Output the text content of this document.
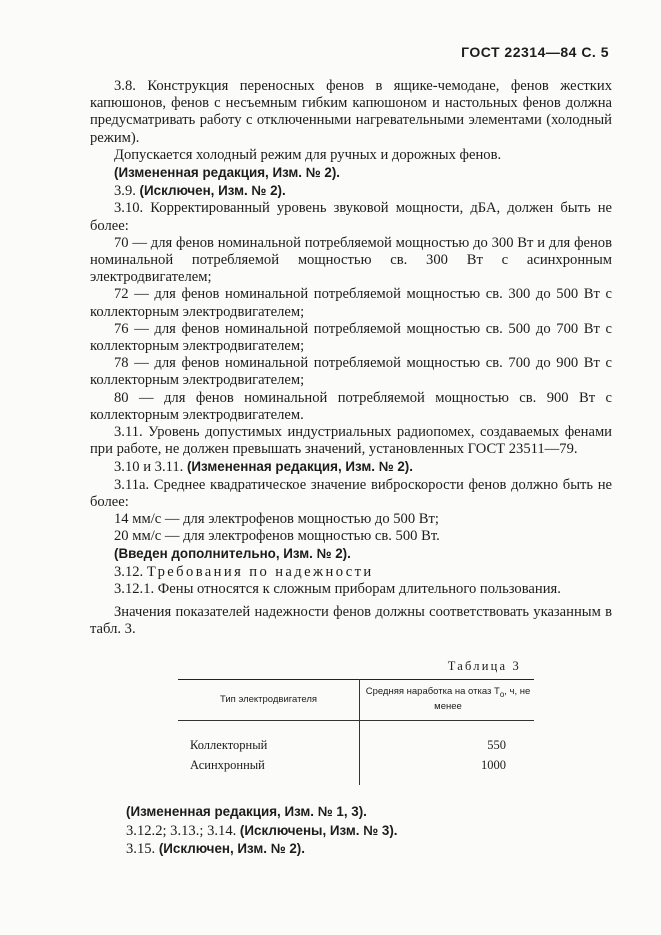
ГОСТ 22314—84 С. 5

3.8. Конструкция переносных фенов в ящике-чемодане, фенов жестких капюшонов, фенов с несъемным гибким капюшоном и настольных фенов должна предусматривать работу с отключенными нагревательными элементами (холодный режим).

Допускается холодный режим для ручных и дорожных фенов.

(Измененная редакция, Изм. № 2).

3.9. (Исключен, Изм. № 2).

3.10. Корректированный уровень звуковой мощности, дБА, должен быть не более:

70 — для фенов номинальной потребляемой мощностью до 300 Вт и для фенов номинальной потребляемой мощностью св. 300 Вт с асинхронным электродвигателем;

72 — для фенов номинальной потребляемой мощностью св. 300 до 500 Вт с коллекторным электродвигателем;

76 — для фенов номинальной потребляемой мощностью св. 500 до 700 Вт с коллекторным электродвигателем;

78 — для фенов номинальной потребляемой мощностью св. 700 до 900 Вт с коллекторным электродвигателем;

80 — для фенов номинальной потребляемой мощностью св. 900 Вт с коллекторным электродвигателем.

3.11. Уровень допустимых индустриальных радиопомех, создаваемых фенами при работе, не должен превышать значений, установленных ГОСТ 23511—79.

3.10 и 3.11. (Измененная редакция, Изм. № 2).

3.11а. Среднее квадратическое значение виброскорости фенов должно быть не более:

14 мм/с — для электрофенов мощностью до 500 Вт;

20 мм/с — для электрофенов мощностью св. 500 Вт.

(Введен дополнительно, Изм. № 2).

3.12. Требования по надежности

3.12.1. Фены относятся к сложным приборам длительного пользования.

Значения показателей надежности фенов должны соответствовать указанным в табл. 3.

Таблица 3
Тип электродвигателя
Средняя наработка на отказ $T_о$, ч, не менее
Коллекторный	550
Асинхронный	1000

(Измененная редакция, Изм. № 1, 3).

3.12.2; 3.13.; 3.14. (Исключены, Изм. № 3).

3.15. (Исключен, Изм. № 2).
